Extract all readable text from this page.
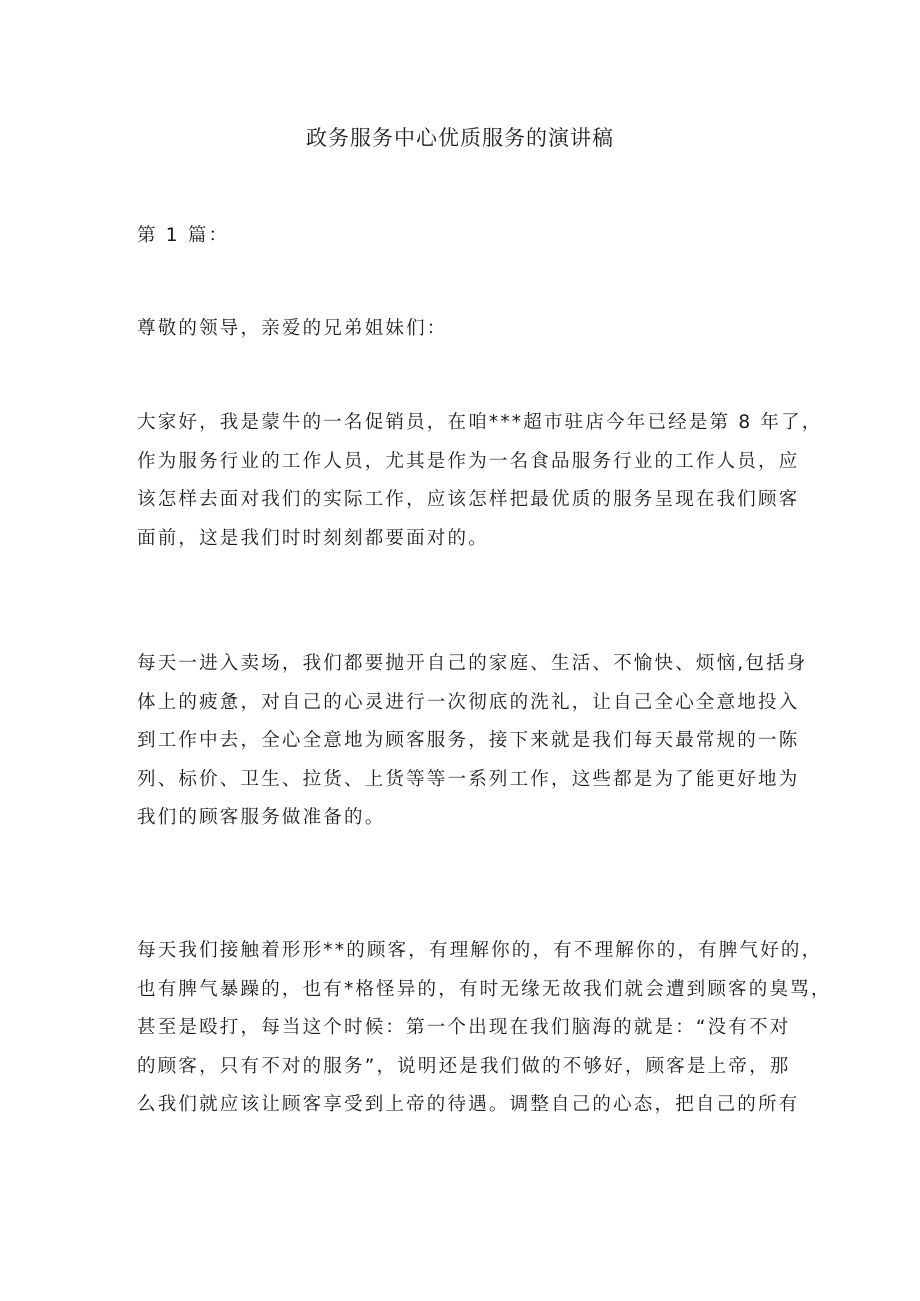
政务服务中心优质服务的演讲稿

第 1 篇：

尊敬的领导，亲爱的兄弟姐妹们：

大家好，我是蒙牛的一名促销员，在咱***超市驻店今年已经是第 8 年了，
作为服务行业的工作人员，尤其是作为一名食品服务行业的工作人员，应
该怎样去面对我们的实际工作，应该怎样把最优质的服务呈现在我们顾客
面前，这是我们时时刻刻都要面对的。

每天一进入卖场，我们都要抛开自己的家庭、生活、不愉快、烦恼,包括身
体上的疲惫，对自己的心灵进行一次彻底的洗礼，让自己全心全意地投入
到工作中去，全心全意地为顾客服务，接下来就是我们每天最常规的一陈
列、标价、卫生、拉货、上货等等一系列工作，这些都是为了能更好地为
我们的顾客服务做准备的。

每天我们接触着形形**的顾客，有理解你的，有不理解你的，有脾气好的，
也有脾气暴躁的，也有*格怪异的，有时无缘无故我们就会遭到顾客的臭骂，
甚至是殴打，每当这个时候：第一个出现在我们脑海的就是：“没有不对
的顾客，只有不对的服务”，说明还是我们做的不够好，顾客是上帝，那
么我们就应该让顾客享受到上帝的待遇。调整自己的心态，把自己的所有
